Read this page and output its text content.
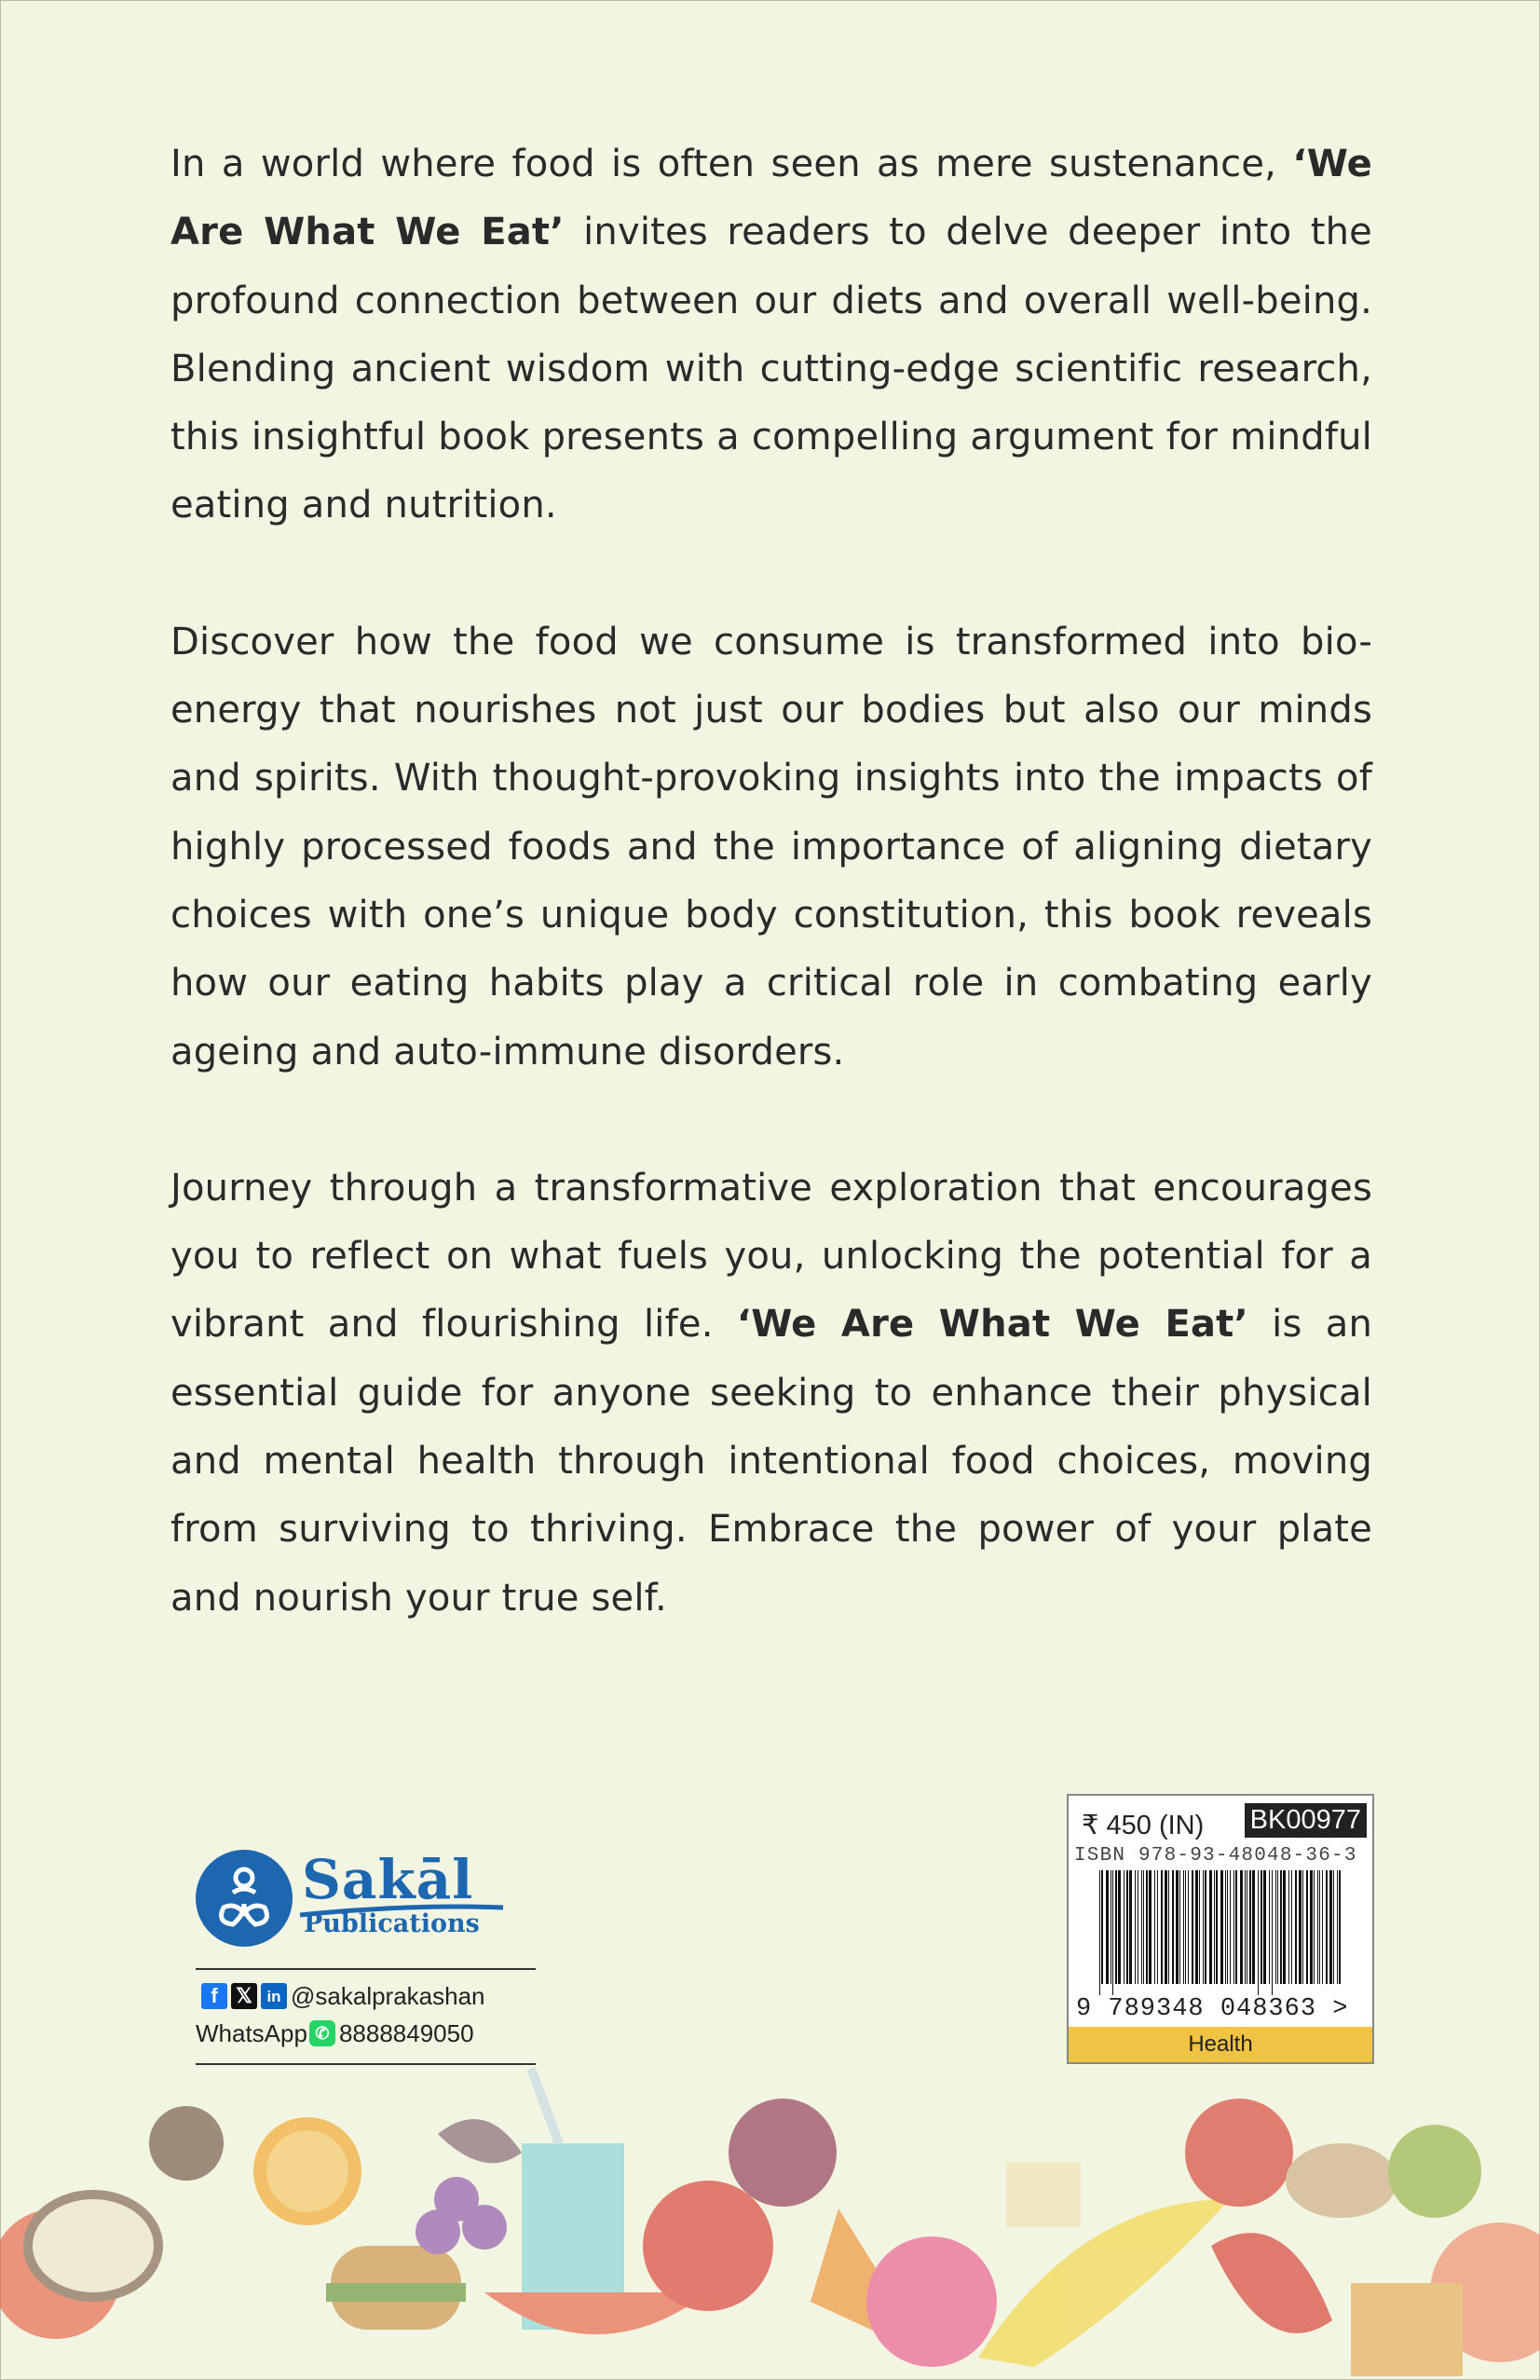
In a world where food is often seen as mere sustenance, ‘We Are What We Eat’ invites readers to delve deeper into the profound connection between our diets and overall well-being. Blending ancient wisdom with cutting-edge scientific research, this insightful book presents a compelling argument for mindful eating and nutrition.

Discover how the food we consume is transformed into bio-energy that nourishes not just our bodies but also our minds and spirits. With thought-provoking insights into the impacts of highly processed foods and the importance of aligning dietary choices with one’s unique body constitution, this book reveals how our eating habits play a critical role in combating early ageing and auto-immune disorders.

Journey through a transformative exploration that encourages you to reflect on what fuels you, unlocking the potential for a vibrant and flourishing life. ‘We Are What We Eat’ is an essential guide for anyone seeking to enhance their physical and mental health through intentional food choices, moving from surviving to thriving. Embrace the power of your plate and nourish your true self.

Sakāl
Publications
f 𝕏 in @sakalprakashan
WhatsApp ✆ 8888849050
₹ 450 (IN) BK00977
ISBN 978-93-48048-36-3
9 789348 048363 >
Health
